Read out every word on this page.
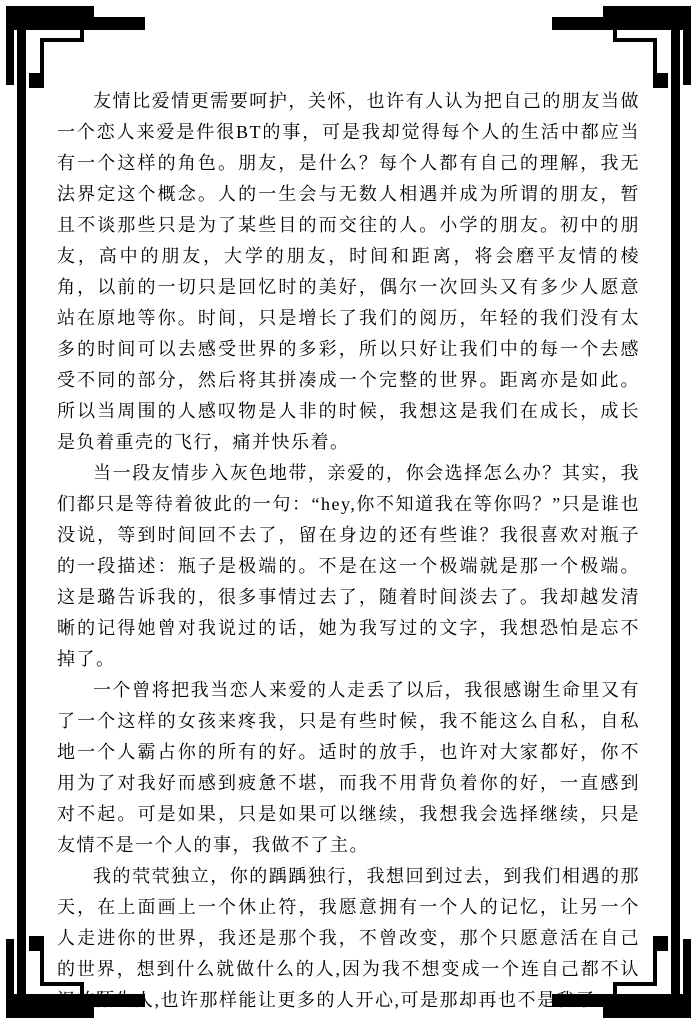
友情比爱情更需要呵护，关怀，也许有人认为把自己的朋友当做一个恋人来爱是件很BT的事，可是我却觉得每个人的生活中都应当有一个这样的角色。朋友，是什么？每个人都有自己的理解，我无法界定这个概念。人的一生会与无数人相遇并成为所谓的朋友，暂且不谈那些只是为了某些目的而交往的人。小学的朋友。初中的朋友，高中的朋友，大学的朋友，时间和距离，将会磨平友情的棱角，以前的一切只是回忆时的美好，偶尔一次回头又有多少人愿意站在原地等你。时间，只是增长了我们的阅历，年轻的我们没有太多的时间可以去感受世界的多彩，所以只好让我们中的每一个去感受不同的部分，然后将其拼凑成一个完整的世界。距离亦是如此。所以当周围的人感叹物是人非的时候，我想这是我们在成长，成长是负着重壳的飞行，痛并快乐着。

当一段友情步入灰色地带，亲爱的，你会选择怎么办？其实，我们都只是等待着彼此的一句：“hey,你不知道我在等你吗？”只是谁也没说，等到时间回不去了，留在身边的还有些谁？我很喜欢对瓶子的一段描述：瓶子是极端的。不是在这一个极端就是那一个极端。这是璐告诉我的，很多事情过去了，随着时间淡去了。我却越发清晰的记得她曾对我说过的话，她为我写过的文字，我想恐怕是忘不掉了。

一个曾将把我当恋人来爱的人走丢了以后，我很感谢生命里又有了一个这样的女孩来疼我，只是有些时候，我不能这么自私，自私地一个人霸占你的所有的好。适时的放手，也许对大家都好，你不用为了对我好而感到疲惫不堪，而我不用背负着你的好，一直感到对不起。可是如果，只是如果可以继续，我想我会选择继续，只是友情不是一个人的事，我做不了主。

我的茕茕独立，你的踽踽独行，我想回到过去，到我们相遇的那天，在上面画上一个休止符，我愿意拥有一个人的记忆，让另一个人走进你的世界，我还是那个我，不曾改变，那个只愿意活在自己的世界，想到什么就做什么的人,因为我不想变成一个连自己都不认识的陌生人,也许那样能让更多的人开心,可是那却再也不是我了……
